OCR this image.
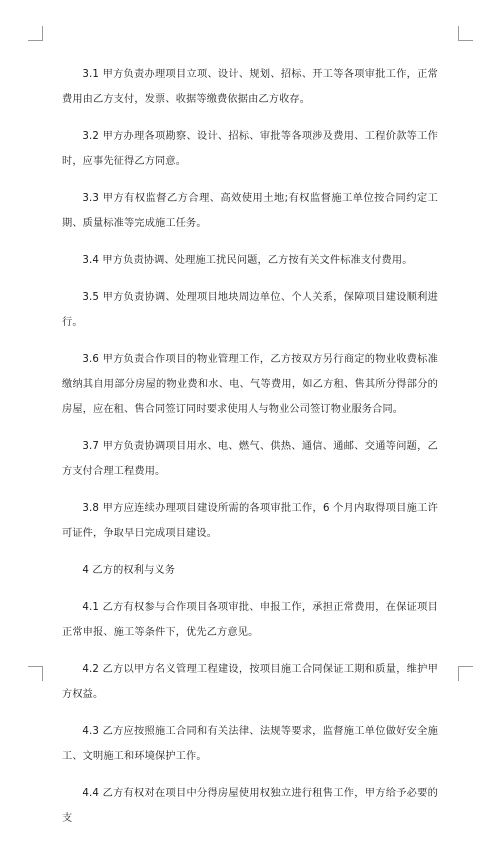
3.1 甲方负责办理项目立项、设计、规划、招标、开工等各项审批工作，正常费用由乙方支付，发票、收据等缴费依据由乙方收存。

3.2 甲方办理各项勘察、设计、招标、审批等各项涉及费用、工程价款等工作时，应事先征得乙方同意。

3.3 甲方有权监督乙方合理、高效使用土地;有权监督施工单位按合同约定工期、质量标准等完成施工任务。

3.4 甲方负责协调、处理施工扰民问题，乙方按有关文件标准支付费用。

3.5 甲方负责协调、处理项目地块周边单位、个人关系，保障项目建设顺利进行。

3.6 甲方负责合作项目的物业管理工作，乙方按双方另行商定的物业收费标准缴纳其自用部分房屋的物业费和水、电、气等费用，如乙方租、售其所分得部分的房屋，应在租、售合同签订同时要求使用人与物业公司签订物业服务合同。

3.7 甲方负责协调项目用水、电、燃气、供热、通信、通邮、交通等问题，乙方支付合理工程费用。

3.8 甲方应连续办理项目建设所需的各项审批工作，6 个月内取得项目施工许可证件，争取早日完成项目建设。

4 乙方的权利与义务

4.1 乙方有权参与合作项目各项审批、申报工作，承担正常费用，在保证项目正常申报、施工等条件下，优先乙方意见。

4.2 乙方以甲方名义管理工程建设，按项目施工合同保证工期和质量，维护甲方权益。

4.3 乙方应按照施工合同和有关法律、法规等要求，监督施工单位做好安全施工、文明施工和环境保护工作。

4.4 乙方有权对在项目中分得房屋使用权独立进行租售工作，甲方给予必要的支
